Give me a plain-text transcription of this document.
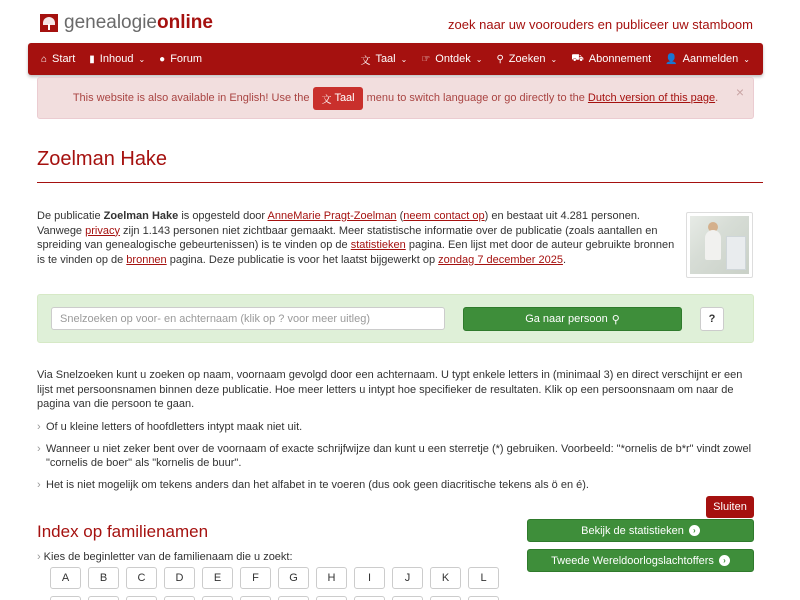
genealogieonline	zoek naar uw voorouders en publiceer uw stamboom
⌂ Start ▮ Inhoud ⌄ ● Forum	文 Taal ⌄ ☞ Ontdek ⌄ ⚲ Zoeken ⌄ ⛟ Abonnement 👤 Aanmelden ⌄
This website is also available in English! Use the 文 Taal menu to switch language or go directly to the Dutch version of this page . ×
Zoelman Hake
De publicatie Zoelman Hake is opgesteld door AnneMarie Pragt-Zoelman (neem contact op) en bestaat uit 4.281 personen. Vanwege privacy zijn 1.143 personen niet zichtbaar gemaakt. Meer statistische informatie over de publicatie (zoals aantallen en spreiding van genealogische gebeurtenissen) is te vinden op de statistieken pagina. Een lijst met door de auteur gebruikte bronnen is te vinden op de bronnen pagina. Deze publicatie is voor het laatst bijgewerkt op zondag 7 december 2025.
Snelzoeken op voor- en achternaam (klik op ? voor meer uitleg)
Ga naar persoon ⚲	?

Via Snelzoeken kunt u zoeken op naam, voornaam gevolgd door een achternaam. U typt enkele letters in (minimaal 3) en direct verschijnt er een lijst met persoonsnamen binnen deze publicatie. Hoe meer letters u intypt hoe specifieker de resultaten. Klik op een persoonsnaam om naar de pagina van die persoon te gaan.

› Of u kleine letters of hoofdletters intypt maak niet uit.
› Wanneer u niet zeker bent over de voornaam of exacte schrijfwijze dan kunt u een sterretje (*) gebruiken. Voorbeeld: "*ornelis de b*r" vindt zowel "cornelis de boer" als "kornelis de buur".
› Het is niet mogelijk om tekens anders dan het alfabet in te voeren (dus ook geen diacritische tekens als ö en é).
Sluiten
Index op familienamen
› Kies de beginletter van de familienaam die u zoekt:
A	B	C	D	E	F	G	H	I	J	K	L
Bekijk de statistieken	›
Tweede Wereldoorlogslachtoffers	›
